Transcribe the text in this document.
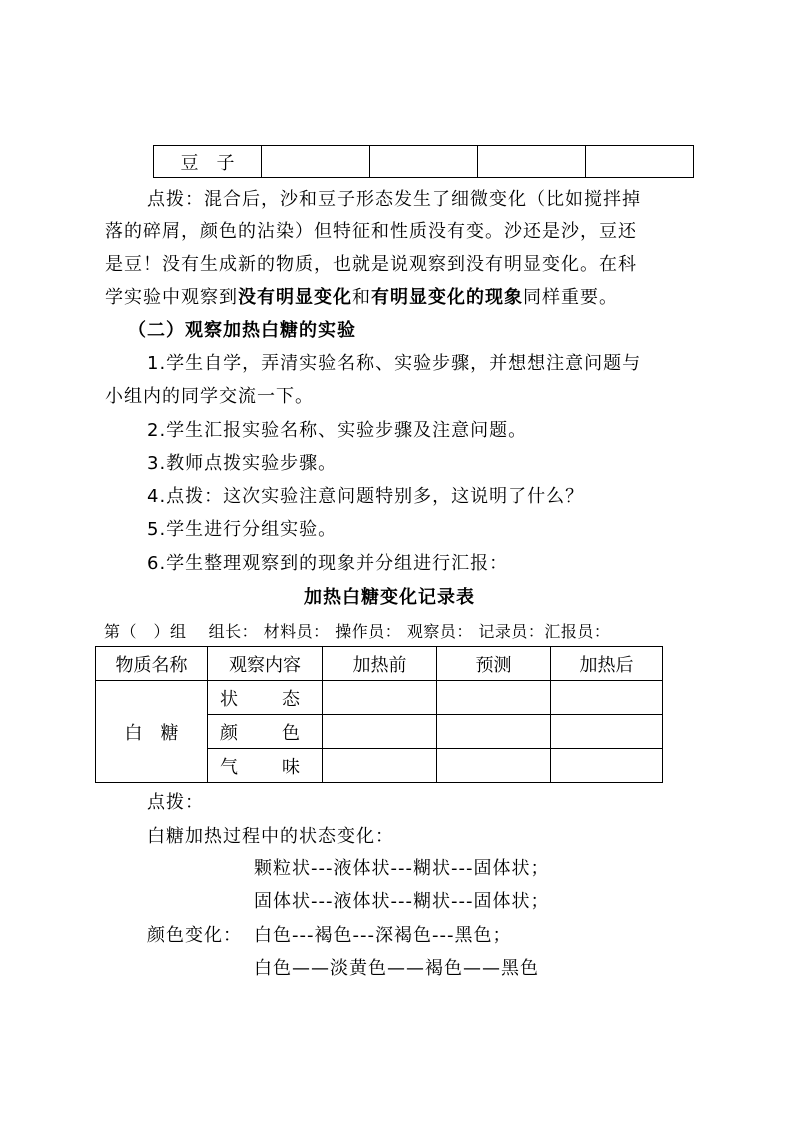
豆　子				
点拨：混合后，沙和豆子形态发生了细微变化（比如搅拌掉
落的碎屑，颜色的沾染）但特征和性质没有变。沙还是沙，豆还
是豆！没有生成新的物质，也就是说观察到没有明显变化。在科
学实验中观察到没有明显变化和有明显变化的现象同样重要。
（二）观察加热白糖的实验
1.学生自学，弄清实验名称、实验步骤，并想想注意问题与
小组内的同学交流一下。
2.学生汇报实验名称、实验步骤及注意问题。
3.教师点拨实验步骤。
4.点拨：这次实验注意问题特别多，这说明了什么？
5.学生进行分组实验。
6.学生整理观察到的现象并分组进行汇报：
加热白糖变化记录表
第（　）组　 组长： 材料员： 操作员： 观察员： 记录员：汇报员：
物质名称	观察内容	加热前	预测	加热后
白　糖	状 态			

	颜 色			

	气 味			

点拨：
白糖加热过程中的状态变化：
颗粒状---液体状---糊状---固体状；
固体状---液体状---糊状---固体状；
颜色变化： 白色---褐色---深褐色---黑色；
白色——淡黄色——褐色——黑色
